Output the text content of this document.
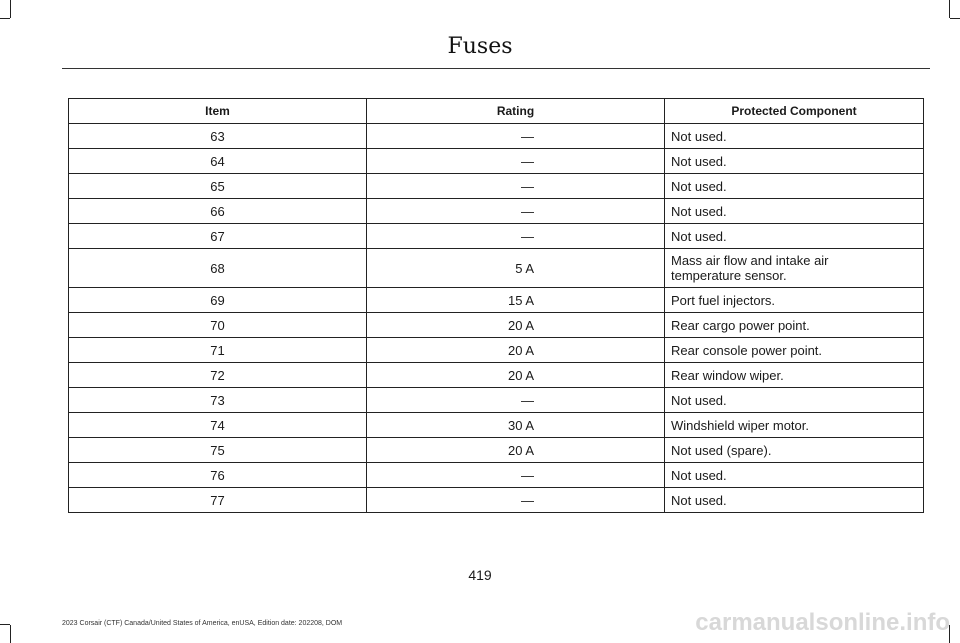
Fuses
Item	Rating	Protected Component
63	—	Not used.
64	—	Not used.
65	—	Not used.
66	—	Not used.
67	—	Not used.
68	5 A	Mass air flow and intake air temperature sensor.
69	15 A	Port fuel injectors.
70	20 A	Rear cargo power point.
71	20 A	Rear console power point.
72	20 A	Rear window wiper.
73	—	Not used.
74	30 A	Windshield wiper motor.
75	20 A	Not used (spare).
76	—	Not used.
77	—	Not used.
419
2023 Corsair (CTF) Canada/United States of America, enUSA, Edition date: 202208, DOM	carmanualsonline.info
